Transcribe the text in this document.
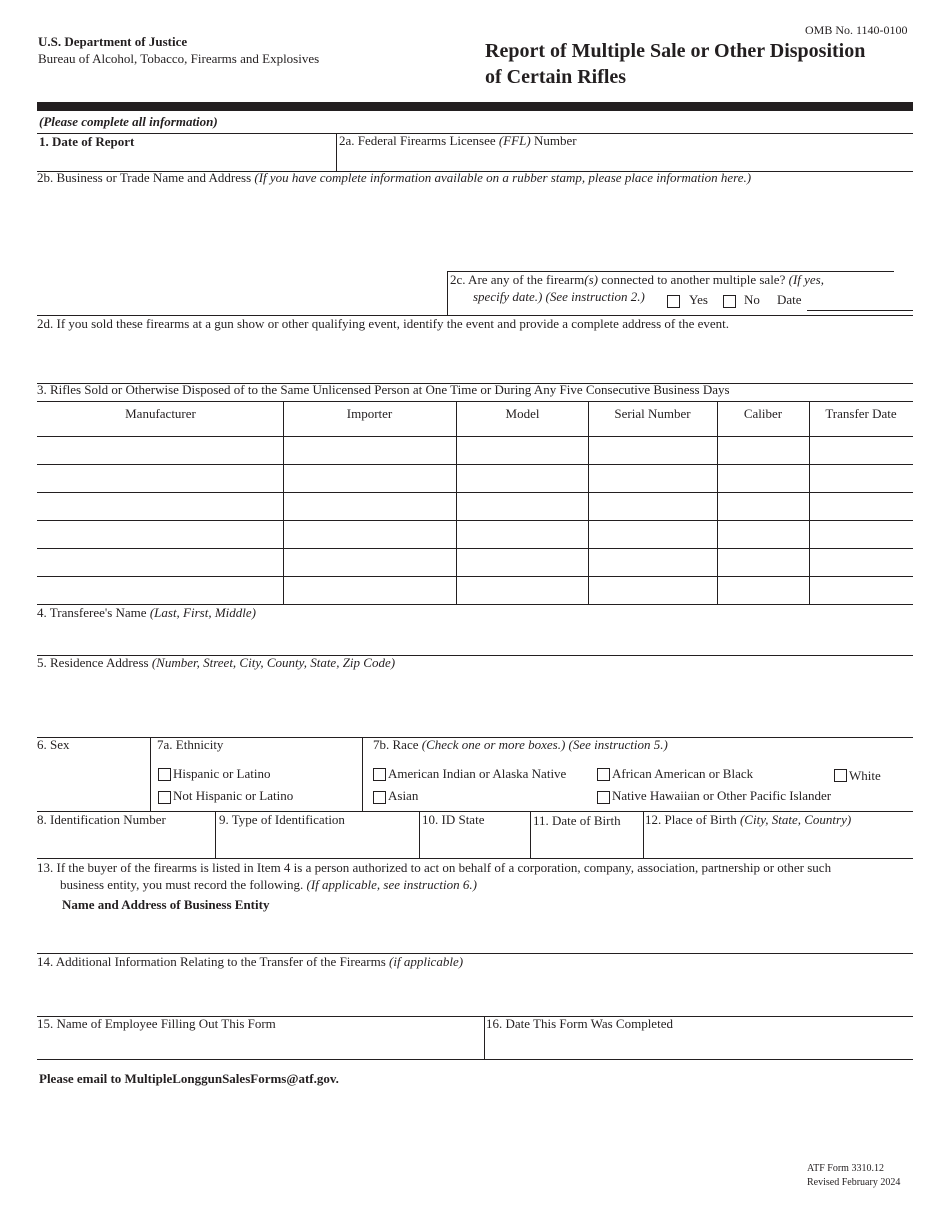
U.S. Department of Justice
Bureau of Alcohol, Tobacco, Firearms and Explosives
OMB No. 1140-0100
Report of Multiple Sale or Other Disposition
of Certain Rifles
(Please complete all information)
1. Date of Report	2a. Federal Firearms Licensee (FFL) Number
2b. Business or Trade Name and Address (If you have complete information available on a rubber stamp, please place information here.)
2c. Are any of the firearm(s) connected to another multiple sale? (If yes,
specify date.) (See instruction 2.)	Yes	No Date
2d. If you sold these firearms at a gun show or other qualifying event, identify the event and provide a complete address of the event.
3. Rifles Sold or Otherwise Disposed of to the Same Unlicensed Person at One Time or During Any Five Consecutive Business Days
Manufacturer	Importer	Model	Serial Number	Caliber	Transfer Date
4. Transferee's Name (Last, First, Middle)
5. Residence Address (Number, Street, City, County, State, Zip Code)
6. Sex	7a. Ethnicity
Hispanic or Latino
Not Hispanic or Latino
7b. Race (Check one or more boxes.) (See instruction 5.)
American Indian or Alaska Native	African American or Black	White
Asian	Native Hawaiian or Other Pacific Islander
8. Identification Number	9. Type of Identification	10. ID State	11. Date of Birth 12. Place of Birth (City, State, Country)
13. If the buyer of the firearms is listed in Item 4 is a person authorized to act on behalf of a corporation, company, association, partnership or other such
business entity, you must record the following. (If applicable, see instruction 6.)
Name and Address of Business Entity
14. Additional Information Relating to the Transfer of the Firearms (if applicable)
15. Name of Employee Filling Out This Form	16. Date This Form Was Completed
Please email to MultipleLonggunSalesForms@atf.gov.
ATF Form 3310.12
Revised February 2024
